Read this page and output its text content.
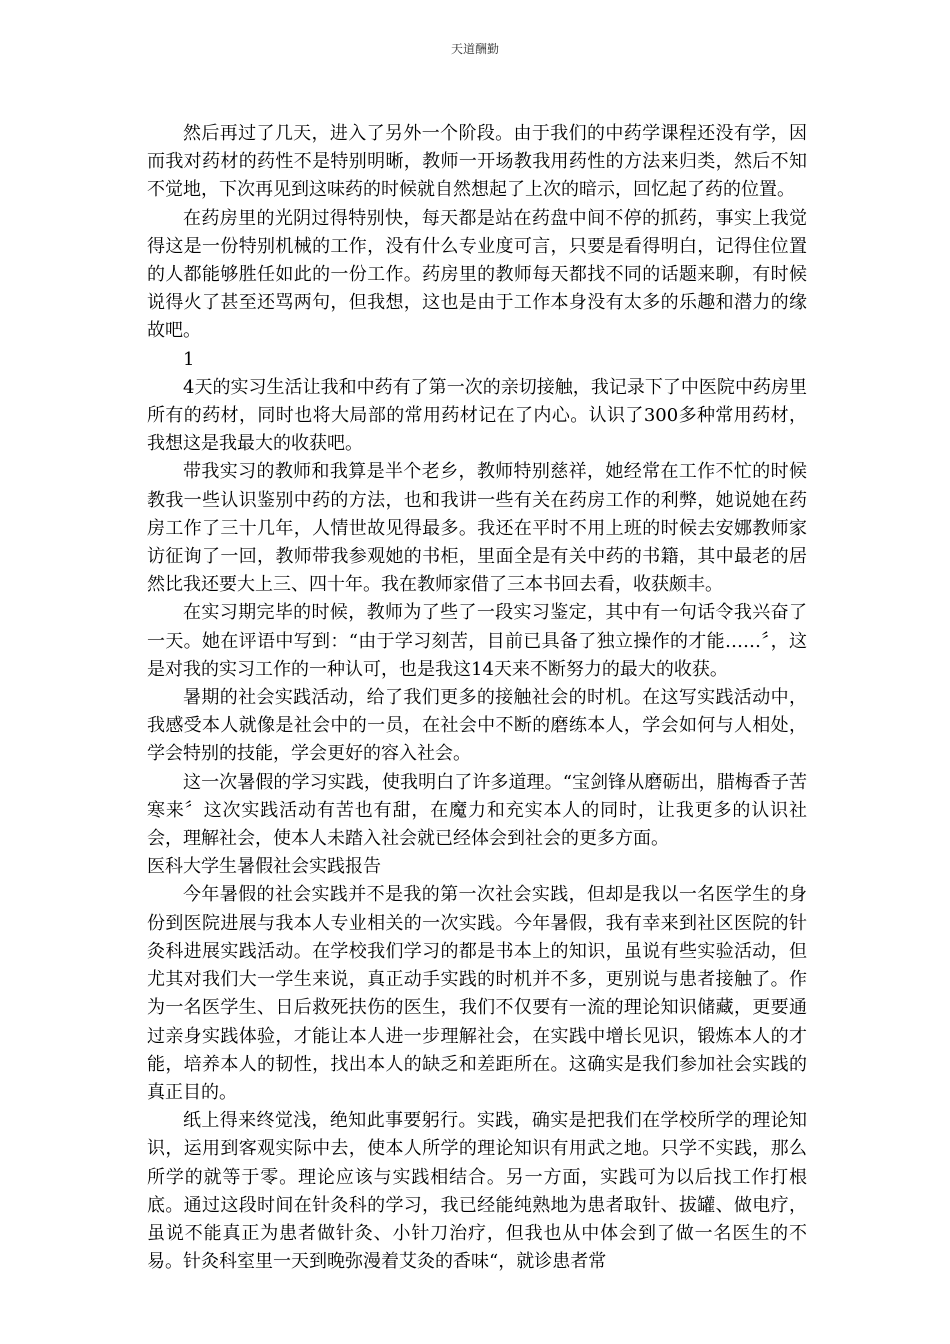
天道酬勤

然后再过了几天，进入了另外一个阶段。由于我们的中药学课程还没有学，因而我对药材的药性不是特别明晰，教师一开场教我用药性的方法来归类，然后不知不觉地，下次再见到这味药的时候就自然想起了上次的暗示，回忆起了药的位置。

在药房里的光阴过得特别快，每天都是站在药盘中间不停的抓药，事实上我觉得这是一份特别机械的工作，没有什么专业度可言，只要是看得明白，记得住位置的人都能够胜任如此的一份工作。药房里的教师每天都找不同的话题来聊，有时候说得火了甚至还骂两句，但我想，这也是由于工作本身没有太多的乐趣和潜力的缘故吧。

1

4天的实习生活让我和中药有了第一次的亲切接触，我记录下了中医院中药房里所有的药材，同时也将大局部的常用药材记在了内心。认识了300多种常用药材，我想这是我最大的收获吧。

带我实习的教师和我算是半个老乡，教师特别慈祥，她经常在工作不忙的时候教我一些认识鉴别中药的方法，也和我讲一些有关在药房工作的利弊，她说她在药房工作了三十几年，人情世故见得最多。我还在平时不用上班的时候去安娜教师家访征询了一回，教师带我参观她的书柜，里面全是有关中药的书籍，其中最老的居然比我还要大上三、四十年。我在教师家借了三本书回去看，收获颇丰。

在实习期完毕的时候，教师为了些了一段实习鉴定，其中有一句话令我兴奋了一天。她在评语中写到：“由于学习刻苦，目前已具备了独立操作的才能……〞，这是对我的实习工作的一种认可，也是我这14天来不断努力的最大的收获。

暑期的社会实践活动，给了我们更多的接触社会的时机。在这写实践活动中，我感受本人就像是社会中的一员，在社会中不断的磨练本人，学会如何与人相处，学会特别的技能，学会更好的容入社会。

这一次暑假的学习实践，使我明白了许多道理。“宝剑锋从磨砺出，腊梅香子苦寒来〞这次实践活动有苦也有甜，在魔力和充实本人的同时，让我更多的认识社会，理解社会，使本人未踏入社会就已经体会到社会的更多方面。

医科大学生暑假社会实践报告

今年暑假的社会实践并不是我的第一次社会实践，但却是我以一名医学生的身份到医院进展与我本人专业相关的一次实践。今年暑假，我有幸来到社区医院的针灸科进展实践活动。在学校我们学习的都是书本上的知识，虽说有些实验活动，但尤其对我们大一学生来说，真正动手实践的时机并不多，更别说与患者接触了。作为一名医学生、日后救死扶伤的医生，我们不仅要有一流的理论知识储藏，更要通过亲身实践体验，才能让本人进一步理解社会，在实践中增长见识，锻炼本人的才能，培养本人的韧性，找出本人的缺乏和差距所在。这确实是我们参加社会实践的真正目的。

纸上得来终觉浅，绝知此事要躬行。实践，确实是把我们在学校所学的理论知识，运用到客观实际中去，使本人所学的理论知识有用武之地。只学不实践，那么所学的就等于零。理论应该与实践相结合。另一方面，实践可为以后找工作打根底。通过这段时间在针灸科的学习，我已经能纯熟地为患者取针、拔罐、做电疗，虽说不能真正为患者做针灸、小针刀治疗，但我也从中体会到了做一名医生的不易。针灸科室里一天到晚弥漫着艾灸的香味“，就诊患者常
